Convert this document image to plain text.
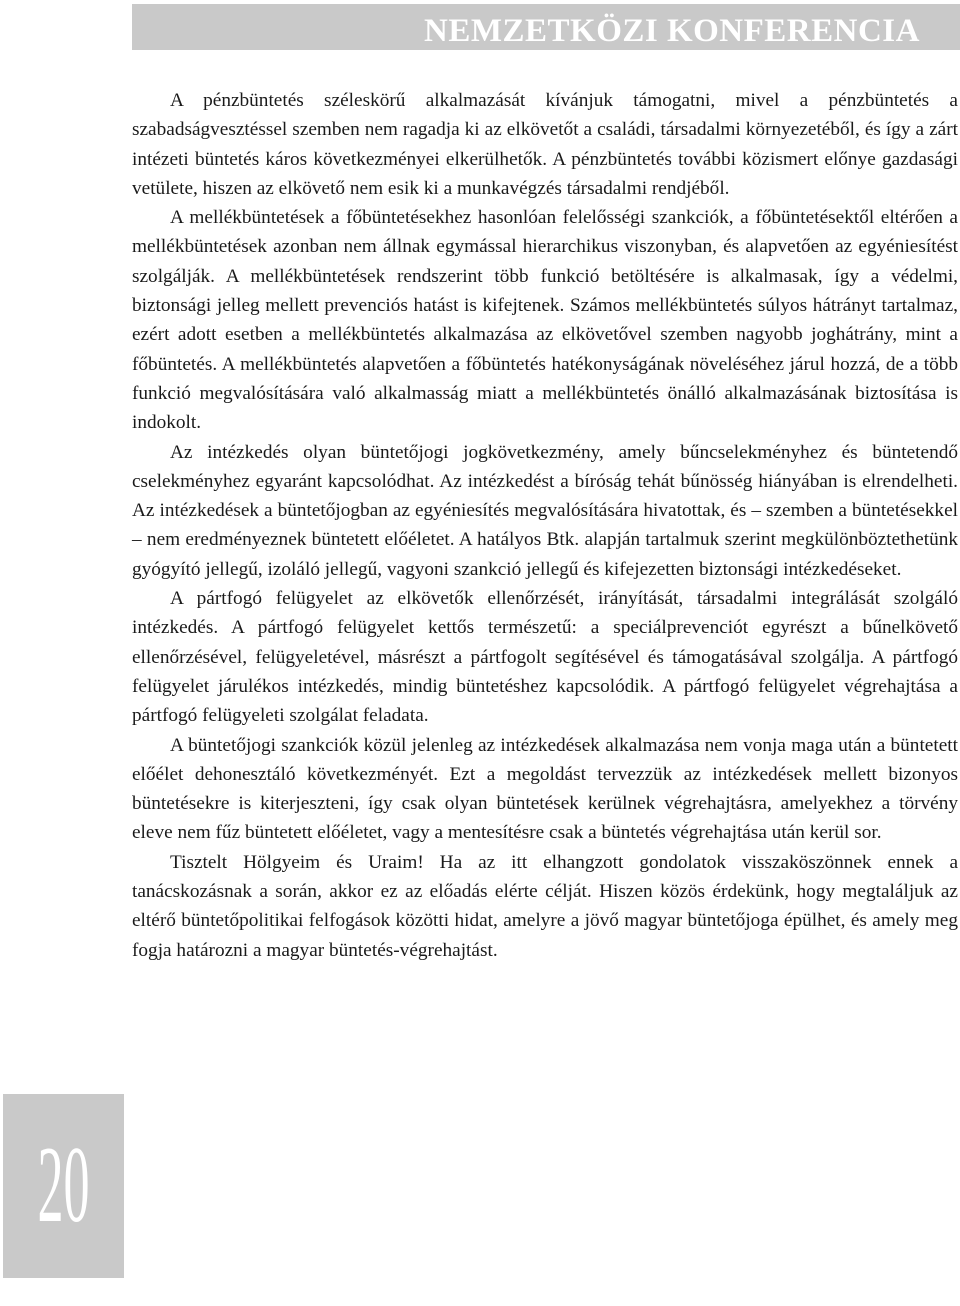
NEMZETKÖZI KONFERENCIA

A pénzbüntetés széleskörű alkalmazását kívánjuk támogatni, mivel a pénzbüntetés a szabadságvesztéssel szemben nem ragadja ki az elkövetőt a családi, társadalmi környezetéből, és így a zárt intézeti büntetés káros következményei elkerülhetők. A pénzbüntetés további közismert előnye gazdasági vetülete, hiszen az elkövető nem esik ki a munkavégzés társadalmi rendjéből.

A mellékbüntetések a főbüntetésekhez hasonlóan felelősségi szankciók, a főbüntetésektől eltérően a mellékbüntetések azonban nem állnak egymással hierarchikus viszonyban, és alapvetően az egyéniesítést szolgálják. A mellékbüntetések rendszerint több funkció betöltésére is alkalmasak, így a védelmi, biztonsági jelleg mellett prevenciós hatást is kifejtenek. Számos mellékbüntetés súlyos hátrányt tartalmaz, ezért adott esetben a mellékbüntetés alkalmazása az elkövetővel szemben nagyobb joghátrány, mint a főbüntetés. A mellékbüntetés alapvetően a főbüntetés hatékonyságának növeléséhez járul hozzá, de a több funkció megvalósítására való alkalmasság miatt a mellékbüntetés önálló alkalmazásának biztosítása is indokolt.

Az intézkedés olyan büntetőjogi jogkövetkezmény, amely bűncselekményhez és büntetendő cselekményhez egyaránt kapcsolódhat. Az intézkedést a bíróság tehát bűnösség hiányában is elrendelheti. Az intézkedések a büntetőjogban az egyéniesítés megvalósítására hivatottak, és – szemben a büntetésekkel – nem eredményeznek büntetett előéletet. A hatályos Btk. alapján tartalmuk szerint megkülönböztethetünk gyógyító jellegű, izoláló jellegű, vagyoni szankció jellegű és kifejezetten biztonsági intézkedéseket.

A pártfogó felügyelet az elkövetők ellenőrzését, irányítását, társadalmi integrálását szolgáló intézkedés. A pártfogó felügyelet kettős természetű: a speciálprevenciót egyrészt a bűnelkövető ellenőrzésével, felügyeletével, másrészt a pártfogolt segítésével és támogatásával szolgálja. A pártfogó felügyelet járulékos intézkedés, mindig büntetéshez kapcsolódik. A pártfogó felügyelet végrehajtása a pártfogó felügyeleti szolgálat feladata.

A büntetőjogi szankciók közül jelenleg az intézkedések alkalmazása nem vonja maga után a büntetett előélet dehonesztáló következményét. Ezt a megoldást tervezzük az intézkedések mellett bizonyos büntetésekre is kiterjeszteni, így csak olyan büntetések kerülnek végrehajtásra, amelyekhez a törvény eleve nem fűz büntetett előéletet, vagy a mentesítésre csak a büntetés végrehajtása után kerül sor.

Tisztelt Hölgyeim és Uraim! Ha az itt elhangzott gondolatok visszaköszönnek ennek a tanácskozásnak a során, akkor ez az előadás elérte célját. Hiszen közös érdekünk, hogy megtaláljuk az eltérő büntetőpolitikai felfogások közötti hidat, amelyre a jövő magyar büntetőjoga épülhet, és amely meg fogja határozni a magyar büntetés-végrehajtást.

20
